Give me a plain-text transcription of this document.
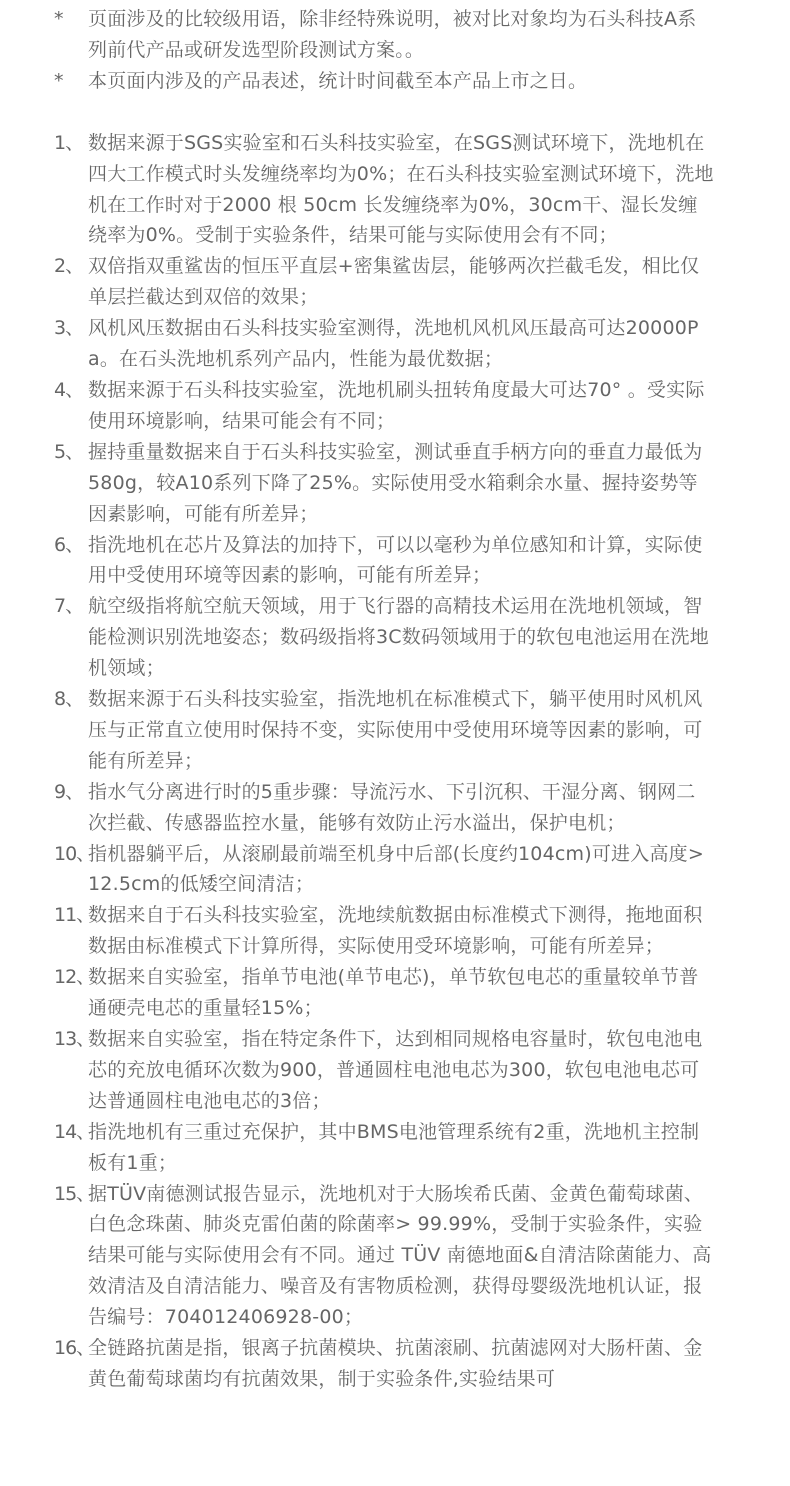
*	页面涉及的比较级用语，除非经特殊说明，被对比对象均为石头科技A系列前代产品或研发选型阶段测试方案。。
*	本页面内涉及的产品表述，统计时间截至本产品上市之日。
1、 数据来源于SGS实验室和石头科技实验室，在SGS测试环境下，洗地机在四大工作模式时头发缠绕率均为0%；在石头科技实验室测试环境下，洗地机在工作时对于2000 根 50cm 长发缠绕率为0%，30cm干、湿长发缠绕率为0%。受制于实验条件，结果可能与实际使用会有不同；
2、 双倍指双重鲨齿的恒压平直层+密集鲨齿层，能够两次拦截毛发，相比仅单层拦截达到双倍的效果；
3、 风机风压数据由石头科技实验室测得，洗地机风机风压最高可达20000Pa。在石头洗地机系列产品内，性能为最优数据；
4、 数据来源于石头科技实验室，洗地机刷头扭转角度最大可达70° 。受实际使用环境影响，结果可能会有不同；
5、 握持重量数据来自于石头科技实验室，测试垂直手柄方向的垂直力最低为 580g，较A10系列下降了25%。实际使用受水箱剩余水量、握持姿势等因素影响，可能有所差异；
6、 指洗地机在芯片及算法的加持下，可以以毫秒为单位感知和计算，实际使用中受使用环境等因素的影响，可能有所差异；
7、 航空级指将航空航天领域，用于飞行器的高精技术运用在洗地机领域，智能检测识别洗地姿态；数码级指将3C数码领域用于的软包电池运用在洗地机领域；
8、 数据来源于石头科技实验室，指洗地机在标准模式下，躺平使用时风机风压与正常直立使用时保持不变，实际使用中受使用环境等因素的影响，可能有所差异；
9、 指水气分离进行时的5重步骤：导流污水、下引沉积、干湿分离、钢网二次拦截、传感器监控水量，能够有效防止污水溢出，保护电机；
10、
指机器躺平后，从滚刷最前端至机身中后部(长度约104cm)可进入高度>12.5cm的低矮空间清洁；
11、
数据来自于石头科技实验室，洗地续航数据由标准模式下测得，拖地面积数据由标准模式下计算所得，实际使用受环境影响，可能有所差异；
12、
数据来自实验室，指单节电池(单节电芯)，单节软包电芯的重量较单节普通硬壳电芯的重量轻15%；
13、
数据来自实验室，指在特定条件下，达到相同规格电容量时，软包电池电芯的充放电循环次数为900，普通圆柱电池电芯为300，软包电池电芯可达普通圆柱电池电芯的3倍；
14、
指洗地机有三重过充保护，其中BMS电池管理系统有2重，洗地机主控制板有1重；
15、
据TÜV南德测试报告显示，洗地机对于大肠埃希氏菌、金黄色葡萄球菌、白色念珠菌、肺炎克雷伯菌的除菌率> 99.99%，受制于实验条件，实验结果可能与实际使用会有不同。通过 TÜV 南德地面&自清洁除菌能力、高效清洁及自清洁能力、噪音及有害物质检测，获得母婴级洗地机认证，报告编号：704012406928-00；
16、
全链路抗菌是指，银离子抗菌模块、抗菌滚刷、抗菌滤网对大肠杆菌、金黄色葡萄球菌均有抗菌效果，制于实验条件,实验结果可
